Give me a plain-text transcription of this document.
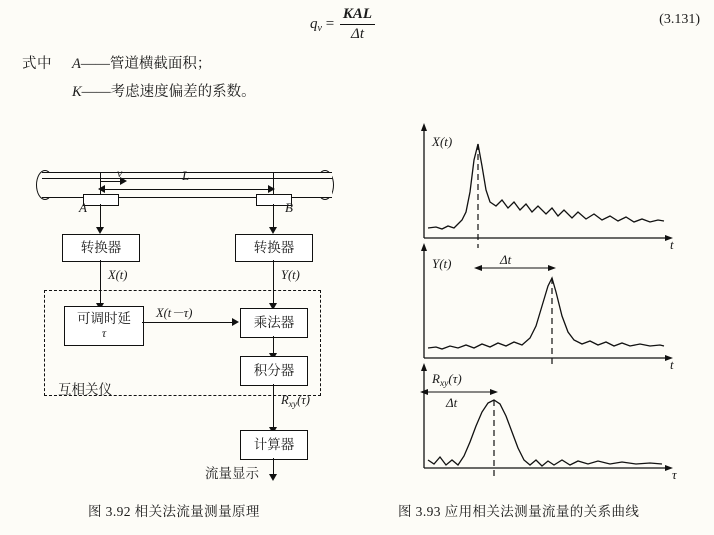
$q_v = \frac{\text{KAL}}{\Delta t}$	(3.131)
式中 A——管道横截面积；
K——考虑速度偏差的系数。
v	L
A	B
转换器	转换器
X(t)	Y(t)
互相关仪
可调时延
τ
X(t－τ)
乘法器
积分器
$R_{xy}(\tau)$
计算器
流量显示
图 3.92 相关法流量测量原理
X(t)
t
Y(t)
t
Δt
$R_{xy}(\tau)$
τ
Δt
图 3.93 应用相关法测量流量的关系曲线
